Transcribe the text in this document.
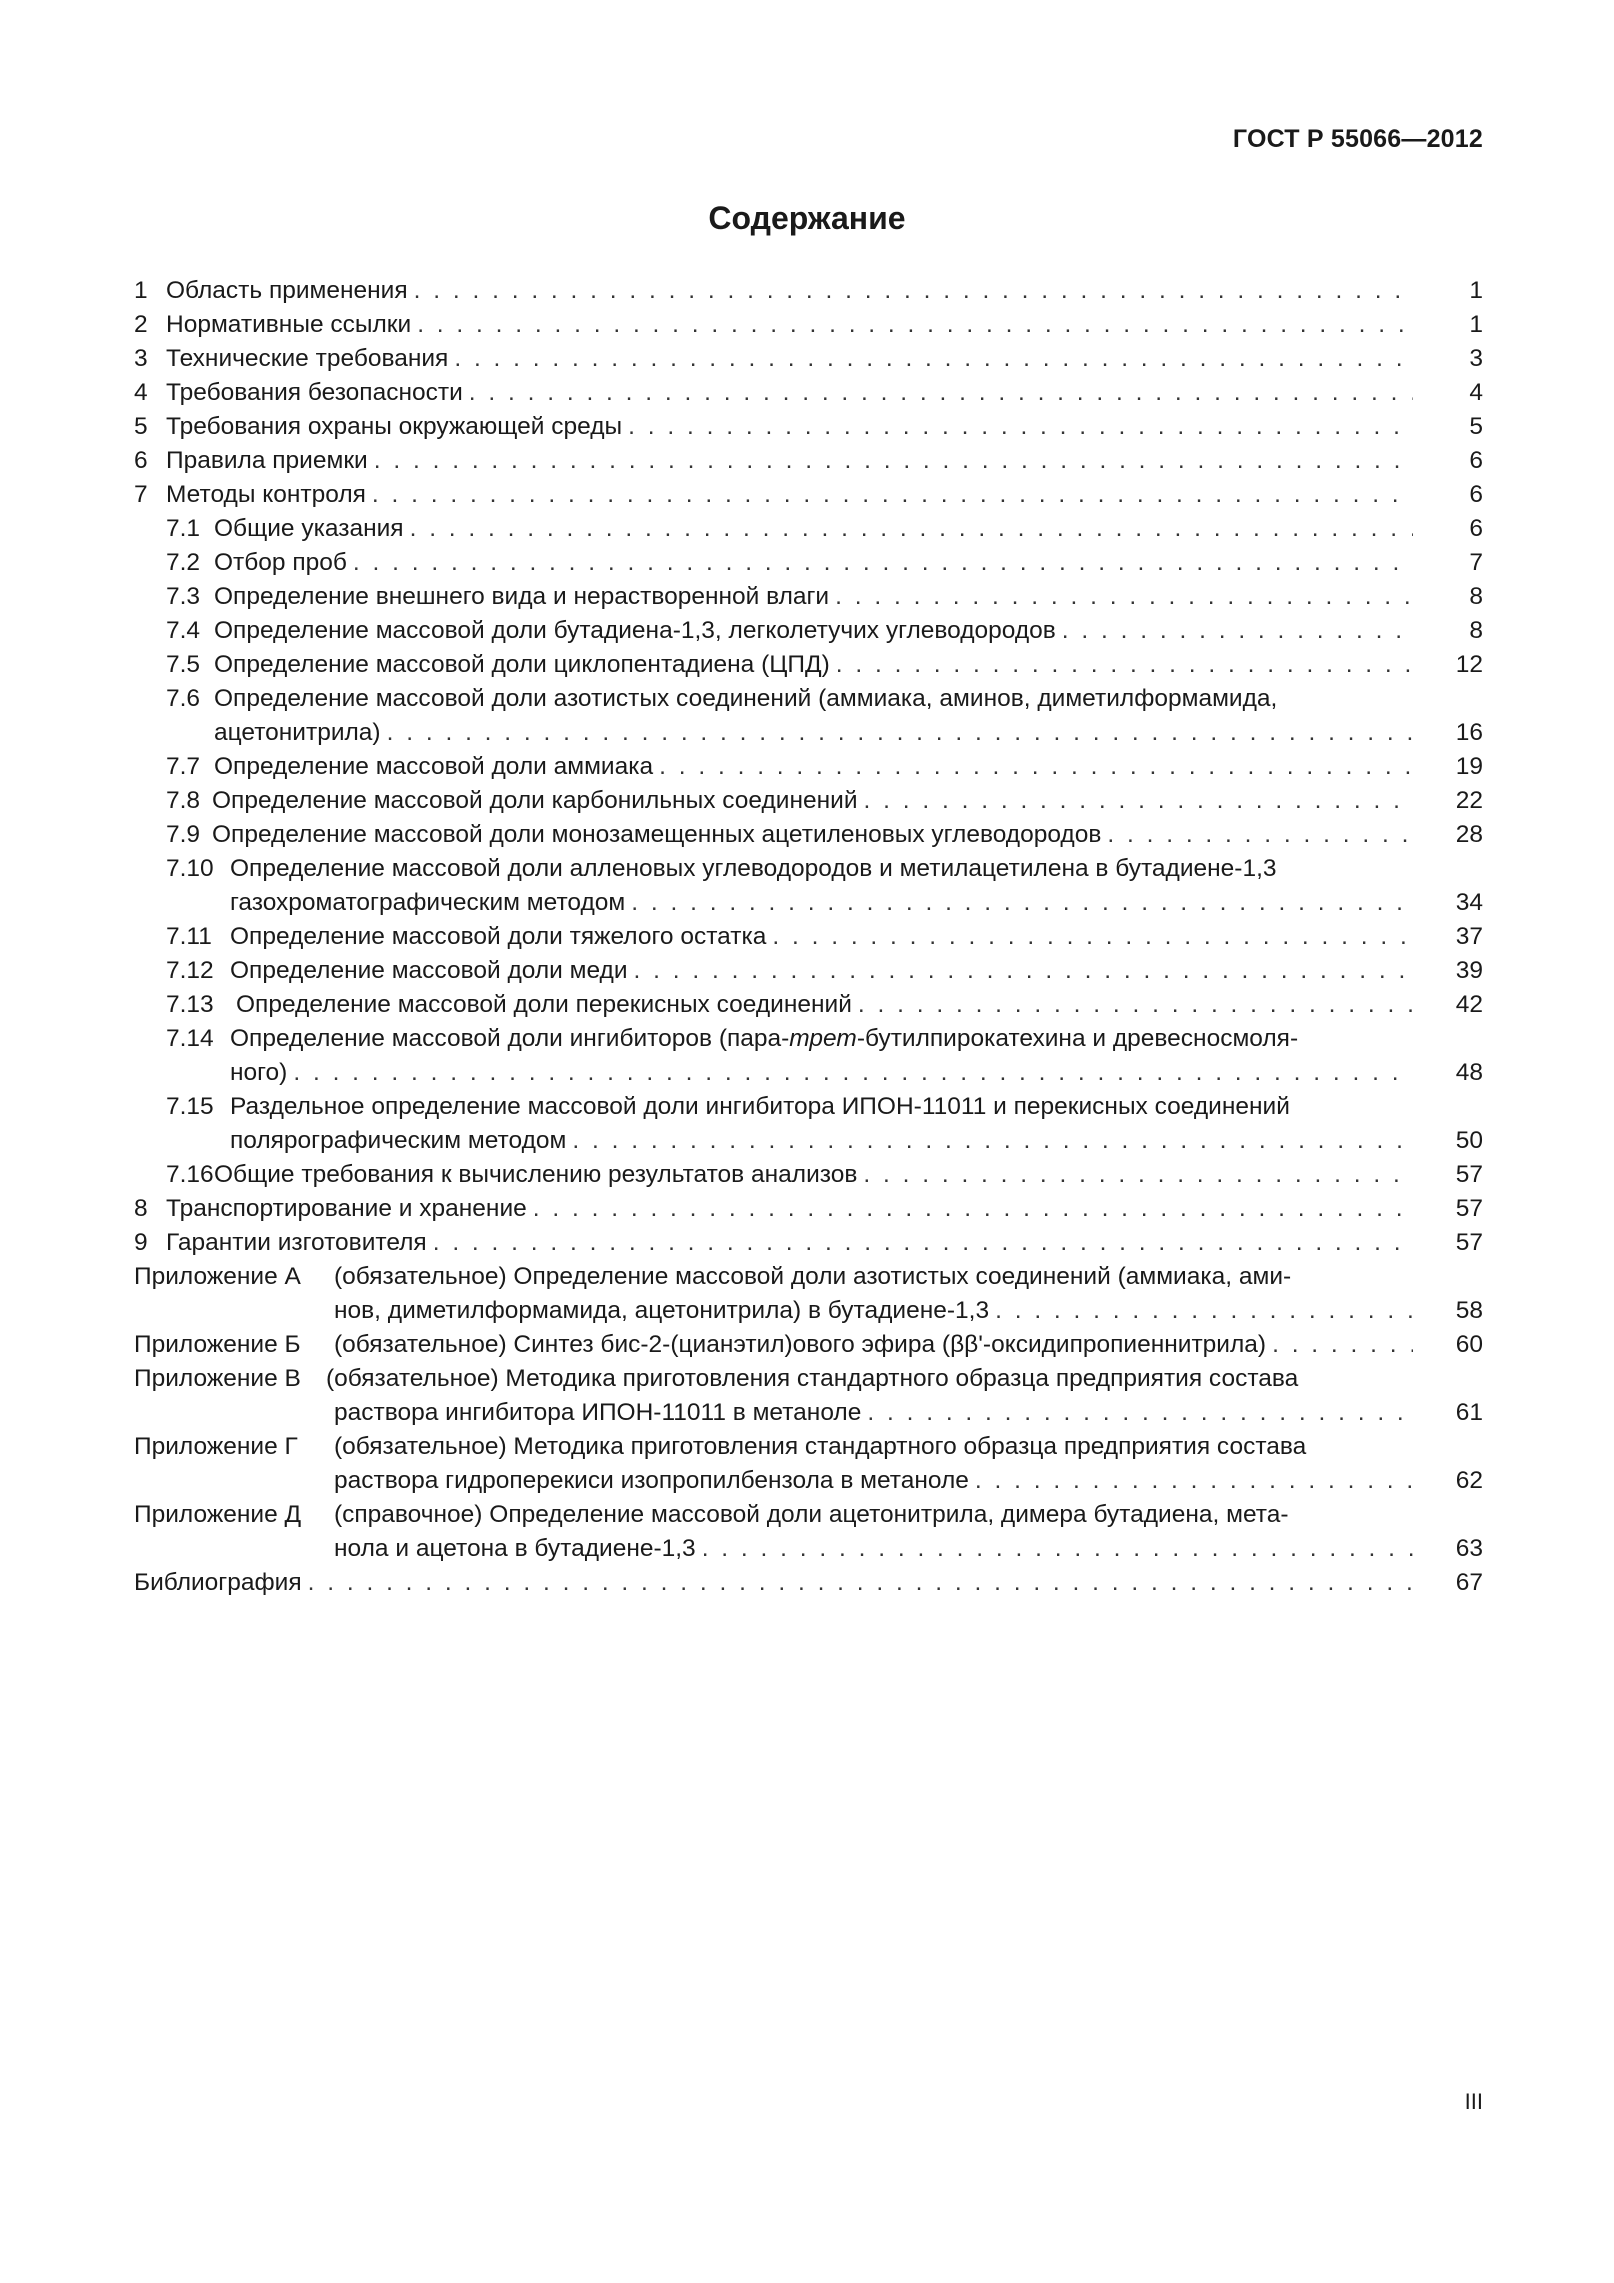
ГОСТ Р 55066—2012
Содержание
1 Область применения . . .	1
2 Нормативные ссылки . . .	1
3 Технические требования . . .	3
4 Требования безопасности . . .	4
5 Требования охраны окружающей среды . . .	5
6 Правила приемки . . .	6
7 Методы контроля . . .	6
7.1 Общие указания . . .	6
7.2 Отбор проб . . .	7
7.3 Определение внешнего вида и нерастворенной влаги . . .	8
7.4 Определение массовой доли бутадиена-1,3, легколетучих углеводородов . . .	8
7.5 Определение массовой доли циклопентадиена (ЦПД) . . .	12
7.6 Определение массовой доли азотистых соединений (аммиака, аминов, диметилформамида,
ацетонитрила) . . .	16
7.7 Определение массовой доли аммиака . . .	19
7.8 Определение массовой доли карбонильных соединений . . .	22
7.9 Определение массовой доли монозамещенных ацетиленовых углеводородов . . .	28
7.10 Определение массовой доли алленовых углеводородов и метилацетилена в бутадиене-1,3
газохроматографическим методом . . .	34
7.11 Определение массовой доли тяжелого остатка . . .	37
7.12 Определение массовой доли меди . . .	39
7.13 Определение массовой доли перекисных соединений . . .	42
7.14 Определение массовой доли ингибиторов (пара-трет-бутилпирокатехина и древесносмоля-
ного) . . .	48
7.15 Раздельное определение массовой доли ингибитора ИПОН-11011 и перекисных соединений
полярографическим методом . . .	50
7.16 Общие требования к вычислению результатов анализов . . .	57
8 Транспортирование и хранение . . .	57
9 Гарантии изготовителя . . .	57
Приложение А (обязательное) Определение массовой доли азотистых соединений (аммиака, ами-
нов, диметилформамида, ацетонитрила) в бутадиене-1,3 . . .	58
Приложение Б (обязательное) Синтез бис-2-(цианэтил)ового эфира (ββ'-оксидипропиеннитрила) . . .	60
Приложение В (обязательное) Методика приготовления стандартного образца предприятия состава
раствора ингибитора ИПОН-11011 в метаноле . . .	61
Приложение Г (обязательное) Методика приготовления стандартного образца предприятия состава
раствора гидроперекиси изопропилбензола в метаноле . . .	62
Приложение Д (справочное) Определение массовой доли ацетонитрила, димера бутадиена, мета-
нола и ацетона в бутадиене-1,3 . . .	63
Библиография . . .	67
III
